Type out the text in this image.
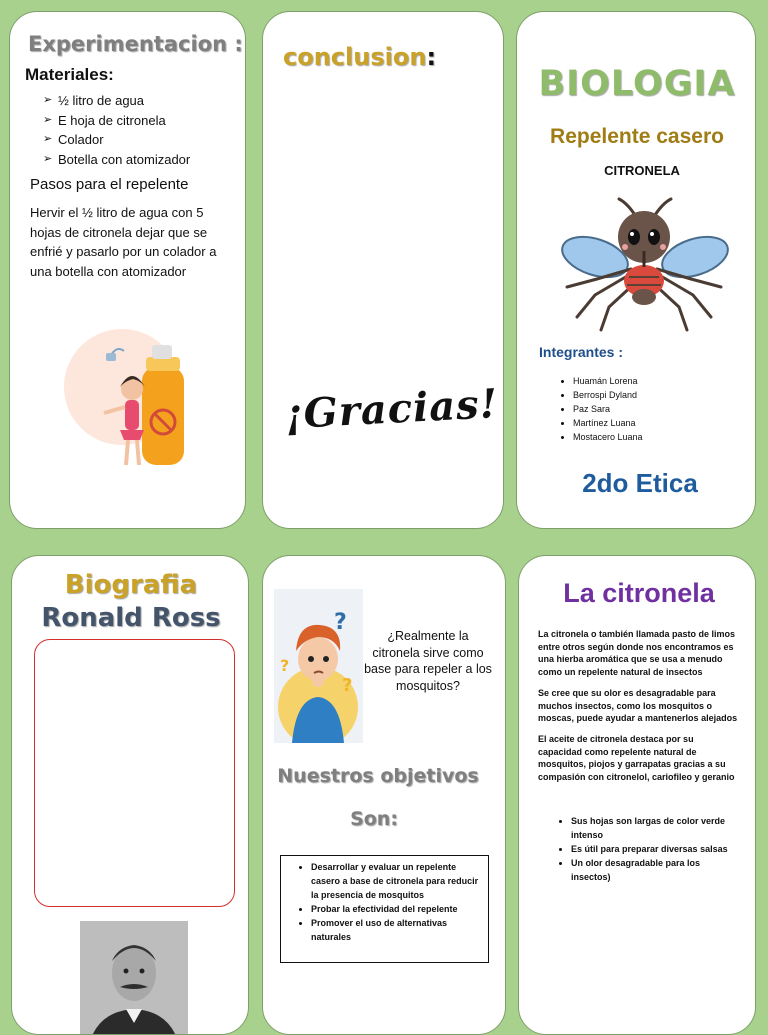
Experimentacion :
Materiales:
➢ ½ litro de agua
➢ E hoja de citronela
➢ Colador
➢ Botella con atomizador
Pasos para el repelente
Hervir el ½ litro de agua con 5 hojas de citronela dejar que se enfrié y pasarlo por un colador a una botella con atomizador
conclusion:
¡Gracias!
BIOLOGIA
Repelente casero
CITRONELA
Integrantes :
• Huamán Lorena
• Berrospi Dyland
• Paz Sara
• Martínez Luana
• Mostacero Luana
2do Etica
Biografia
Ronald Ross	?
?
?
¿Realmente la citronela sirve como base para repeler a los mosquitos?
Nuestros objetivos
Son:
• Desarrollar y evaluar un repelente casero a base de citronela para reducir la presencia de mosquitos
• Probar la efectividad del repelente
• Promover el uso de alternativas naturales
La citronela
La citronela o también llamada pasto de limos entre otros según donde nos encontramos es una hierba aromática que se usa a menudo como un repelente natural de insectos
Se cree que su olor es desagradable para muchos insectos, como los mosquitos o moscas, puede ayudar a mantenerlos alejados
El aceite de citronela destaca por su capacidad como repelente natural de mosquitos, piojos y garrapatas gracias a su compasión con citronelol, cariofileo y geranio
• Sus hojas son largas de color verde intenso
• Es útil para preparar diversas salsas
• Un olor desagradable para los insectos)
